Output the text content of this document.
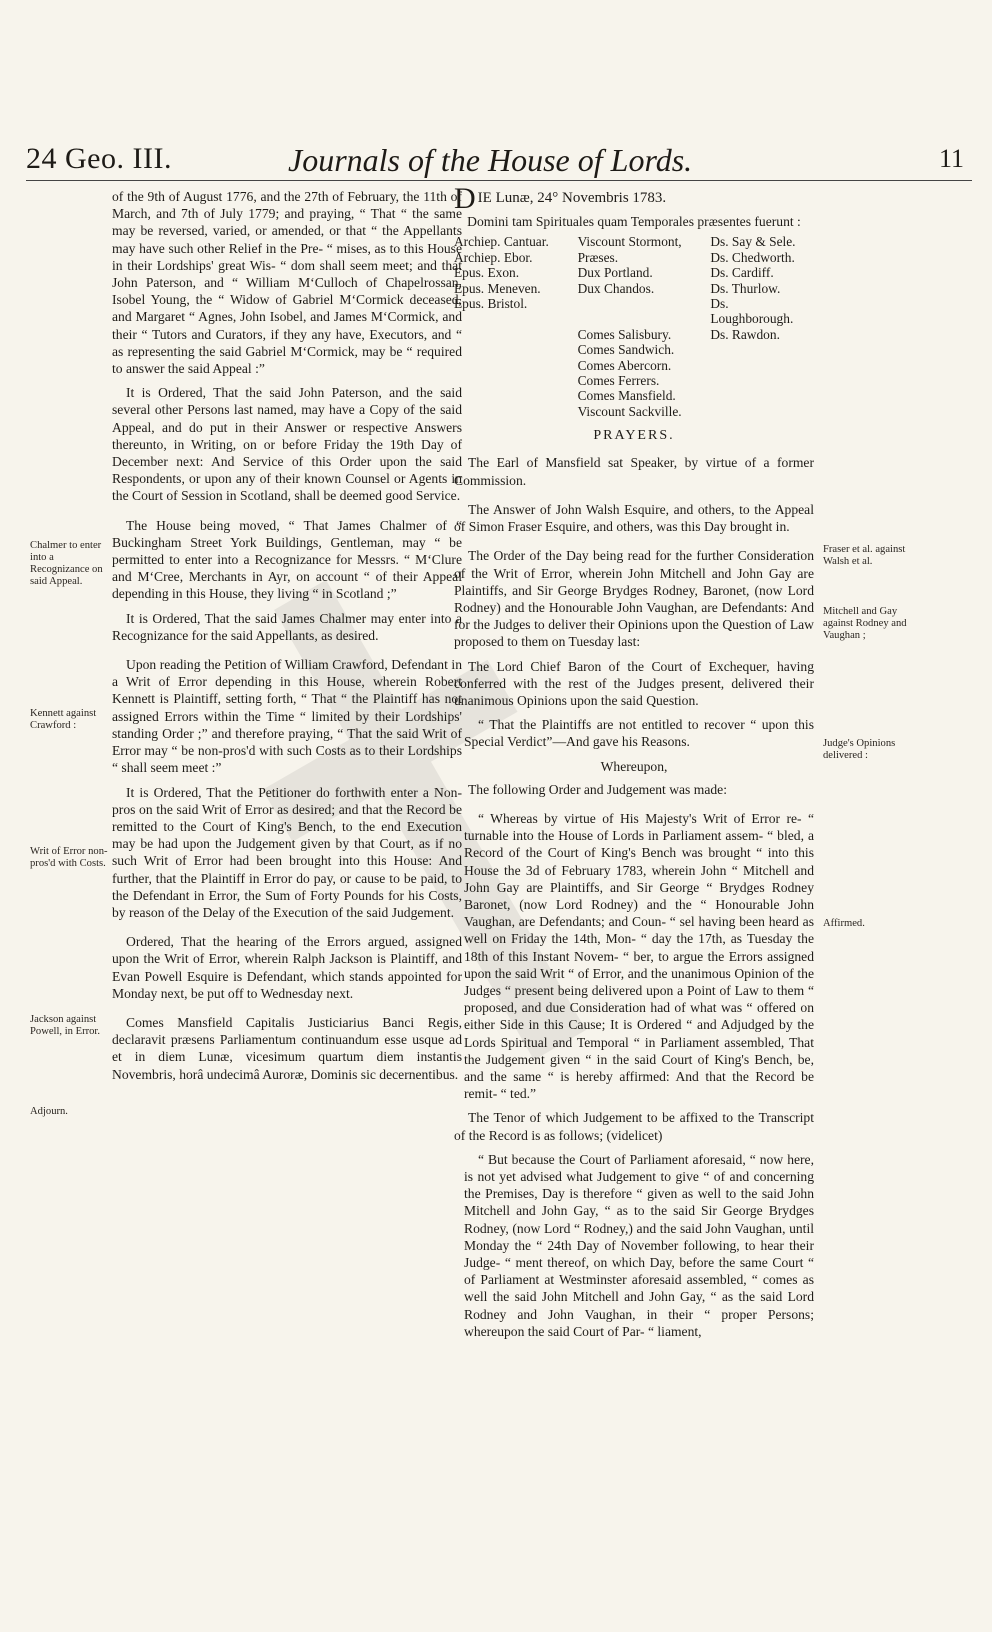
24 Geo. III.	Journals of the House of Lords.	11
Chalmer to enter into a Recognizance on said Appeal.
Kennett against Crawford :
Writ of Error non-pros'd with Costs.
Jackson against Powell, in Error.
Adjourn.

of the 9th of August 1776, and the 27th of February, the 11th of March, and 7th of July 1779; and praying, “ That “ the same may be reversed, varied, or amended, or that “ the Appellants may have such other Relief in the Pre- “ mises, as to this House in their Lordships' great Wis- “ dom shall seem meet; and that John Paterson, and “ William M‘Culloch of Chapelrossan, Isobel Young, the “ Widow of Gabriel M‘Cormick deceased, and Margaret “ Agnes, John Isobel, and James M‘Cormick, and their “ Tutors and Curators, if they any have, Executors, and “ as representing the said Gabriel M‘Cormick, may be “ required to answer the said Appeal :”

It is Ordered, That the said John Paterson, and the said several other Persons last named, may have a Copy of the said Appeal, and do put in their Answer or respective Answers thereunto, in Writing, on or before Friday the 19th Day of December next: And Service of this Order upon the said Respondents, or upon any of their known Counsel or Agents in the Court of Session in Scotland, shall be deemed good Service.

The House being moved, “ That James Chalmer of “ Buckingham Street York Buildings, Gentleman, may “ be permitted to enter into a Recognizance for Messrs. “ M‘Clure and M‘Cree, Merchants in Ayr, on account “ of their Appeal depending in this House, they living “ in Scotland ;”

It is Ordered, That the said James Chalmer may enter into a Recognizance for the said Appellants, as desired.

Upon reading the Petition of William Crawford, Defendant in a Writ of Error depending in this House, wherein Robert Kennett is Plaintiff, setting forth, “ That “ the Plaintiff has not assigned Errors within the Time “ limited by their Lordships' standing Order ;” and therefore praying, “ That the said Writ of Error may “ be non-pros'd with such Costs as to their Lordships “ shall seem meet :”

It is Ordered, That the Petitioner do forthwith enter a Non-pros on the said Writ of Error as desired; and that the Record be remitted to the Court of King's Bench, to the end Execution may be had upon the Judgement given by that Court, as if no such Writ of Error had been brought into this House: And further, that the Plaintiff in Error do pay, or cause to be paid, to the Defendant in Error, the Sum of Forty Pounds for his Costs, by reason of the Delay of the Execution of the said Judgement.

Ordered, That the hearing of the Errors argued, assigned upon the Writ of Error, wherein Ralph Jackson is Plaintiff, and Evan Powell Esquire is Defendant, which stands appointed for Monday next, be put off to Wednesday next.

Comes Mansfield Capitalis Justiciarius Banci Regis, declaravit præsens Parliamentum continuandum esse usque ad et in diem Lunæ, vicesimum quartum diem instantis Novembris, horâ undecimâ Auroræ, Dominis sic decernentibus.

DIE Lunæ, 24° Novembris 1783.
Domini tam Spirituales quam Temporales præsentes fuerunt :
Archiep. Cantuar.	Viscount Stormont,	Ds. Say & Sele.
Archiep. Ebor.	Præses.	Ds. Chedworth.
Epus. Exon.	Dux Portland.	Ds. Cardiff.
Epus. Meneven.	Dux Chandos.	Ds. Thurlow.
Epus. Bristol.		Ds. Loughborough.
	Comes Salisbury.	Ds. Rawdon.
	Comes Sandwich.	
	Comes Abercorn.	
	Comes Ferrers.	
	Comes Mansfield.	

	Viscount Sackville.	
PRAYERS.

The Earl of Mansfield sat Speaker, by virtue of a former Commission.

The Answer of John Walsh Esquire, and others, to the Appeal of Simon Fraser Esquire, and others, was this Day brought in.

The Order of the Day being read for the further Consideration of the Writ of Error, wherein John Mitchell and John Gay are Plaintiffs, and Sir George Brydges Rodney, Baronet, (now Lord Rodney) and the Honourable John Vaughan, are Defendants: And for the Judges to deliver their Opinions upon the Question of Law proposed to them on Tuesday last:

The Lord Chief Baron of the Court of Exchequer, having conferred with the rest of the Judges present, delivered their unanimous Opinions upon the said Question.

“ That the Plaintiffs are not entitled to recover “ upon this Special Verdict”—And gave his Reasons.

Whereupon,

The following Order and Judgement was made:

“ Whereas by virtue of His Majesty's Writ of Error re- “ turnable into the House of Lords in Parliament assem- “ bled, a Record of the Court of King's Bench was brought “ into this House the 3d of February 1783, wherein John “ Mitchell and John Gay are Plaintiffs, and Sir George “ Brydges Rodney Baronet, (now Lord Rodney) and the “ Honourable John Vaughan, are Defendants; and Coun- “ sel having been heard as well on Friday the 14th, Mon- “ day the 17th, as Tuesday the 18th of this Instant Novem- “ ber, to argue the Errors assigned upon the said Writ “ of Error, and the unanimous Opinion of the Judges “ present being delivered upon a Point of Law to them “ proposed, and due Consideration had of what was “ offered on either Side in this Cause; It is Ordered “ and Adjudged by the Lords Spiritual and Temporal “ in Parliament assembled, That the Judgement given “ in the said Court of King's Bench, be, and the same “ is hereby affirmed: And that the Record be remit- “ ted.”

The Tenor of which Judgement to be affixed to the Transcript of the Record is as follows; (videlicet)

“ But because the Court of Parliament aforesaid, “ now here, is not yet advised what Judgement to give “ of and concerning the Premises, Day is therefore “ given as well to the said John Mitchell and John Gay, “ as to the said Sir George Brydges Rodney, (now Lord “ Rodney,) and the said John Vaughan, until Monday the “ 24th Day of November following, to hear their Judge- “ ment thereof, on which Day, before the same Court “ of Parliament at Westminster aforesaid assembled, “ comes as well the said John Mitchell and John Gay, “ as the said Lord Rodney and John Vaughan, in their “ proper Persons; whereupon the said Court of Par- “ liament,

Fraser et al. against Walsh et al.
Mitchell and Gay against Rodney and Vaughan ;
Judge's Opinions delivered :
Affirmed.
